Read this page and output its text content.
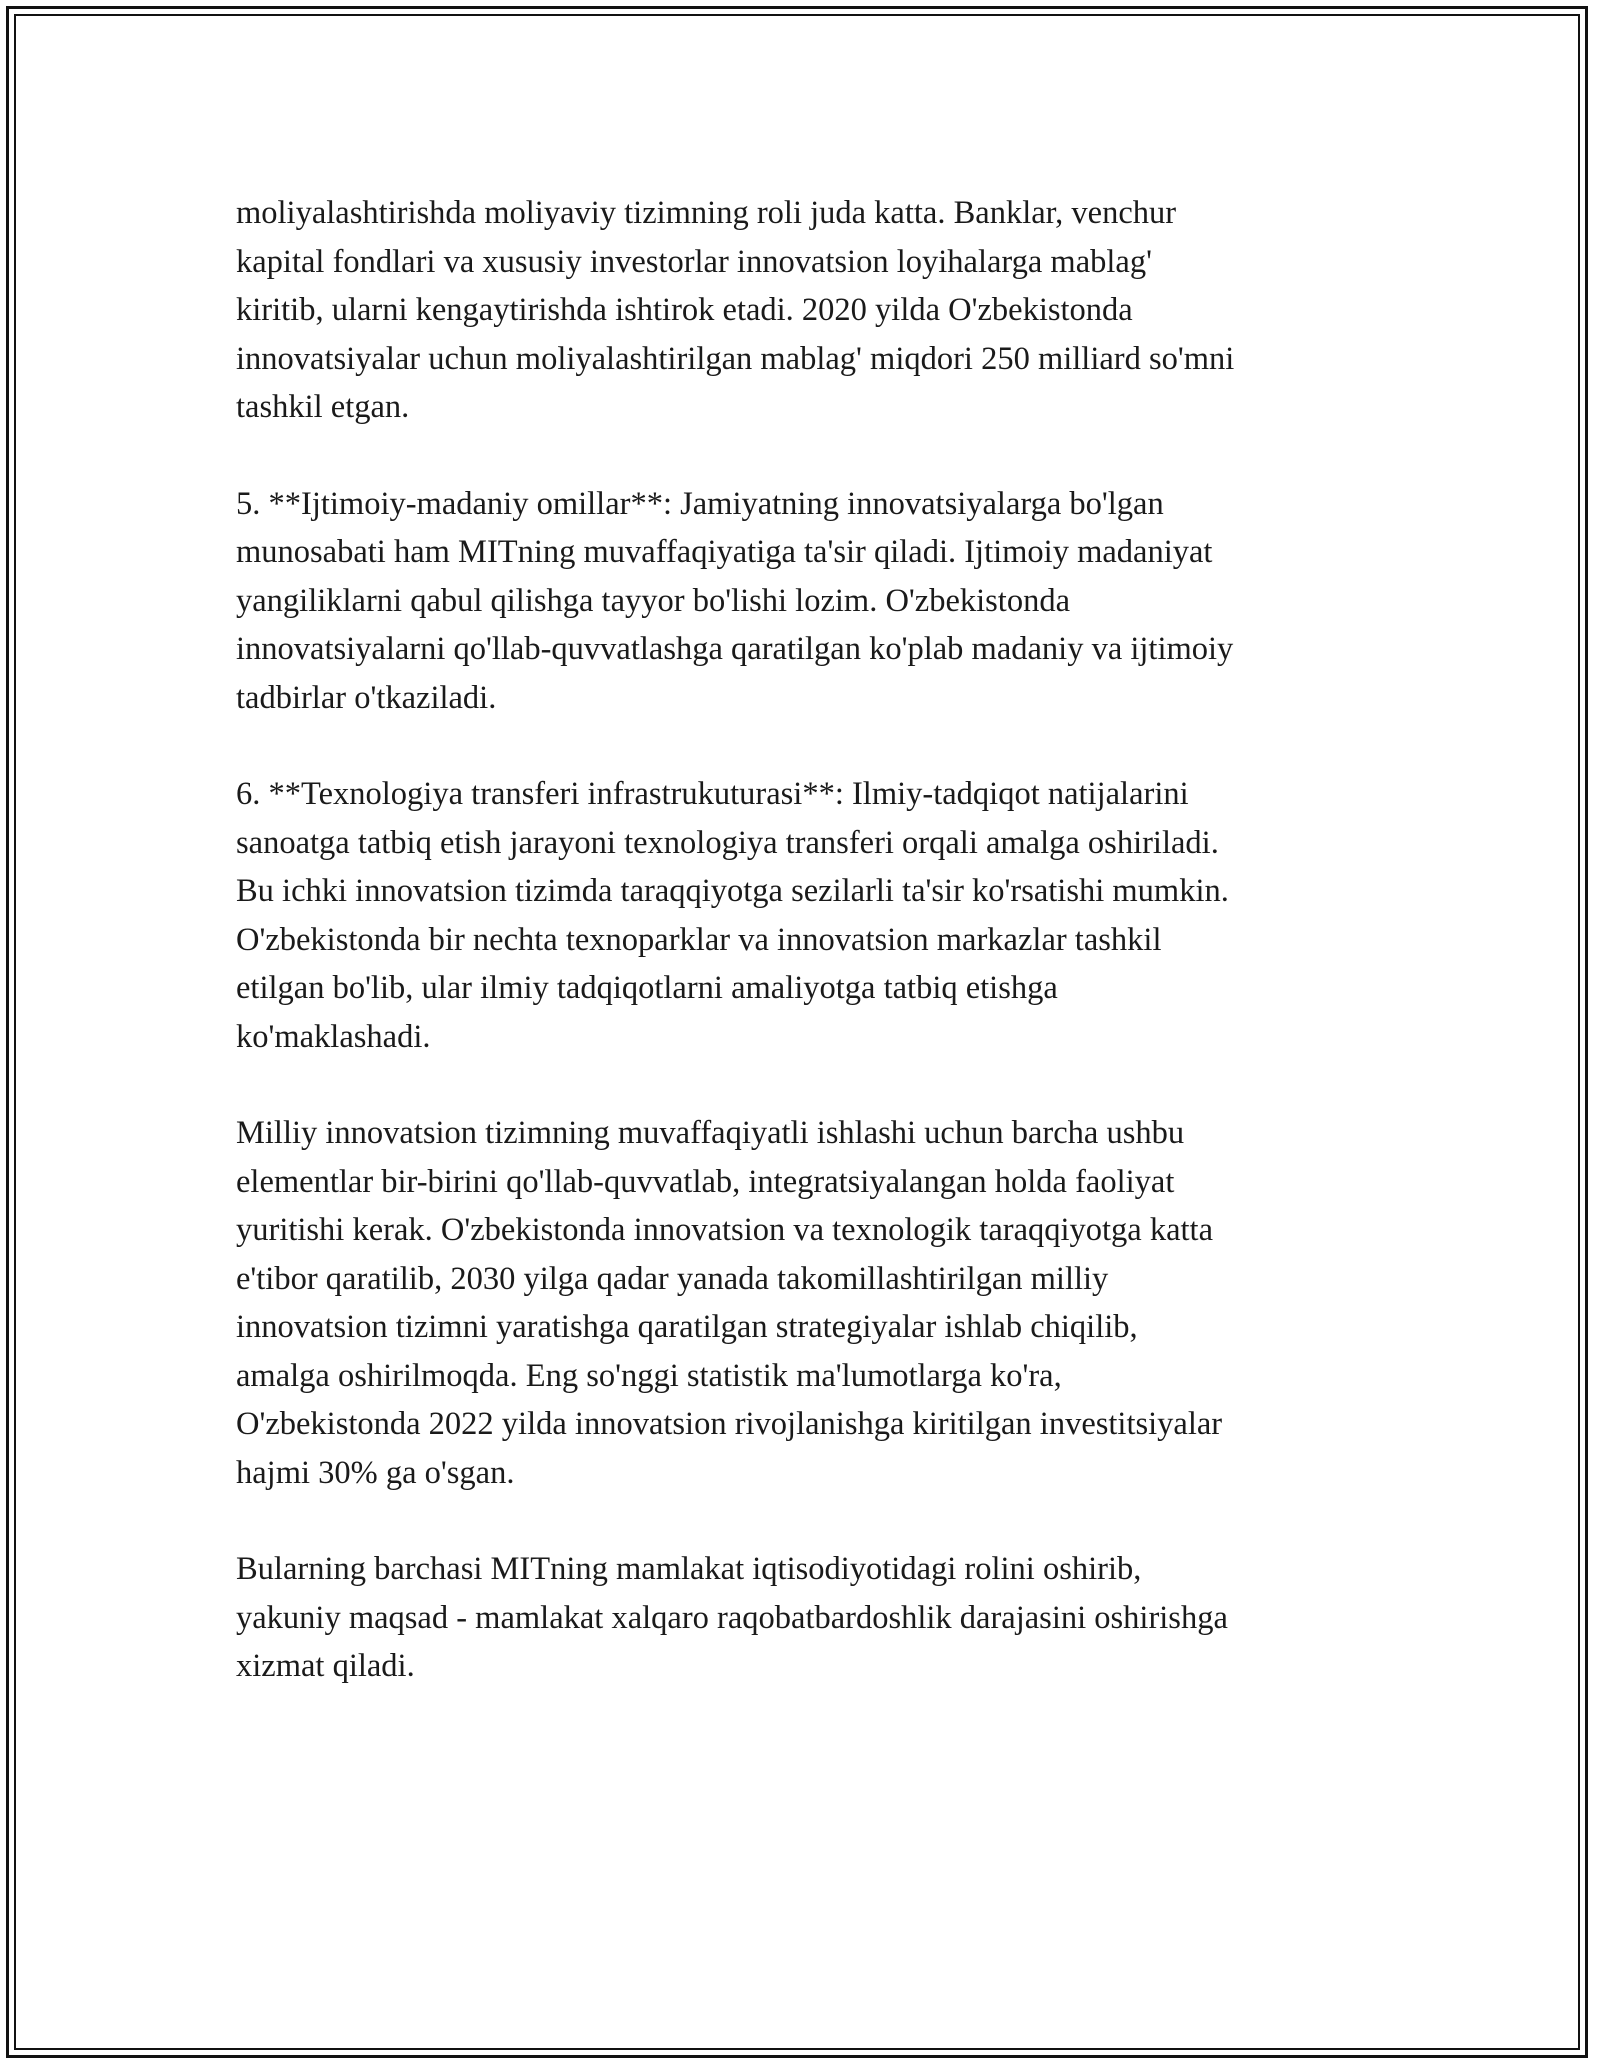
moliyalashtirishda moliyaviy tizimning roli juda katta. Banklar, venchur
kapital fondlari va xususiy investorlar innovatsion loyihalarga mablag'
kiritib, ularni kengaytirishda ishtirok etadi. 2020 yilda O'zbekistonda
innovatsiyalar uchun moliyalashtirilgan mablag' miqdori 250 milliard so'mni
tashkil etgan.

5. **Ijtimoiy-madaniy omillar**: Jamiyatning innovatsiyalarga bo'lgan
munosabati ham MITning muvaffaqiyatiga ta'sir qiladi. Ijtimoiy madaniyat
yangiliklarni qabul qilishga tayyor bo'lishi lozim. O'zbekistonda
innovatsiyalarni qo'llab-quvvatlashga qaratilgan ko'plab madaniy va ijtimoiy
tadbirlar o'tkaziladi.

6. **Texnologiya transferi infrastrukuturasi**: Ilmiy-tadqiqot natijalarini
sanoatga tatbiq etish jarayoni texnologiya transferi orqali amalga oshiriladi.
Bu ichki innovatsion tizimda taraqqiyotga sezilarli ta'sir ko'rsatishi mumkin.
O'zbekistonda bir nechta texnoparklar va innovatsion markazlar tashkil
etilgan bo'lib, ular ilmiy tadqiqotlarni amaliyotga tatbiq etishga
ko'maklashadi.

Milliy innovatsion tizimning muvaffaqiyatli ishlashi uchun barcha ushbu
elementlar bir-birini qo'llab-quvvatlab, integratsiyalangan holda faoliyat
yuritishi kerak. O'zbekistonda innovatsion va texnologik taraqqiyotga katta
e'tibor qaratilib, 2030 yilga qadar yanada takomillashtirilgan milliy
innovatsion tizimni yaratishga qaratilgan strategiyalar ishlab chiqilib,
amalga oshirilmoqda. Eng so'nggi statistik ma'lumotlarga ko'ra,
O'zbekistonda 2022 yilda innovatsion rivojlanishga kiritilgan investitsiyalar
hajmi 30% ga o'sgan.

Bularning barchasi MITning mamlakat iqtisodiyotidagi rolini oshirib,
yakuniy maqsad - mamlakat xalqaro raqobatbardoshlik darajasini oshirishga
xizmat qiladi.
